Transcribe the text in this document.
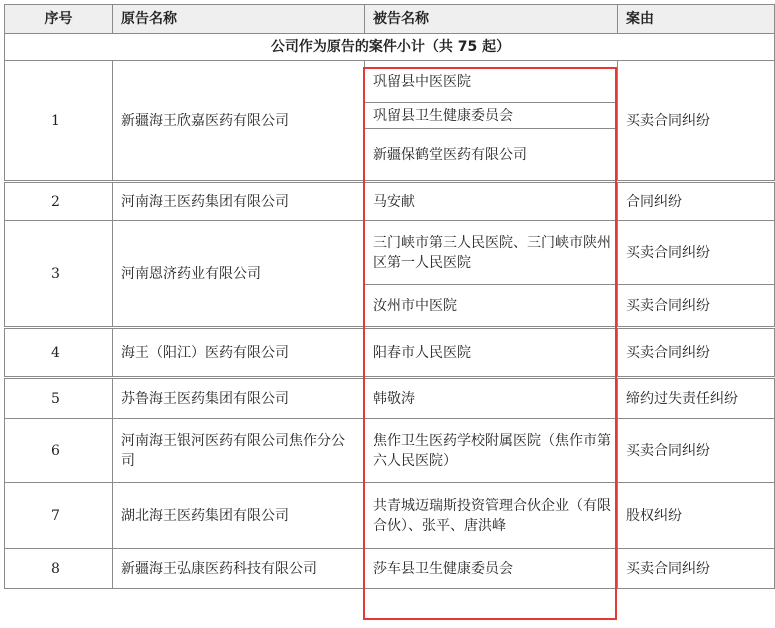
序号	原告名称	被告名称	案由
公司作为原告的案件小计（共 75 起）			
1	新疆海王欣嘉医药有限公司	巩留县中医医院	买卖合同纠纷
		巩留县卫生健康委员会	
		新疆保鹤堂医药有限公司	

2	河南海王医药集团有限公司	马安献	合同纠纷
3	河南恩济药业有限公司	三门峡市第三人民医院、三门峡市陕州区第一人民医院	买卖合同纠纷
		汝州市中医院	买卖合同纠纷

4	海王（阳江）医药有限公司	阳春市人民医院	买卖合同纠纷

5	苏鲁海王医药集团有限公司	韩敬涛	缔约过失责任纠纷
6	河南海王银河医药有限公司焦作分公司	焦作卫生医药学校附属医院（焦作市第六人民医院）	买卖合同纠纷
7	湖北海王医药集团有限公司	共青城迈瑞斯投资管理合伙企业（有限合伙）、张平、唐洪峰	股权纠纷
8	新疆海王弘康医药科技有限公司	莎车县卫生健康委员会	买卖合同纠纷
